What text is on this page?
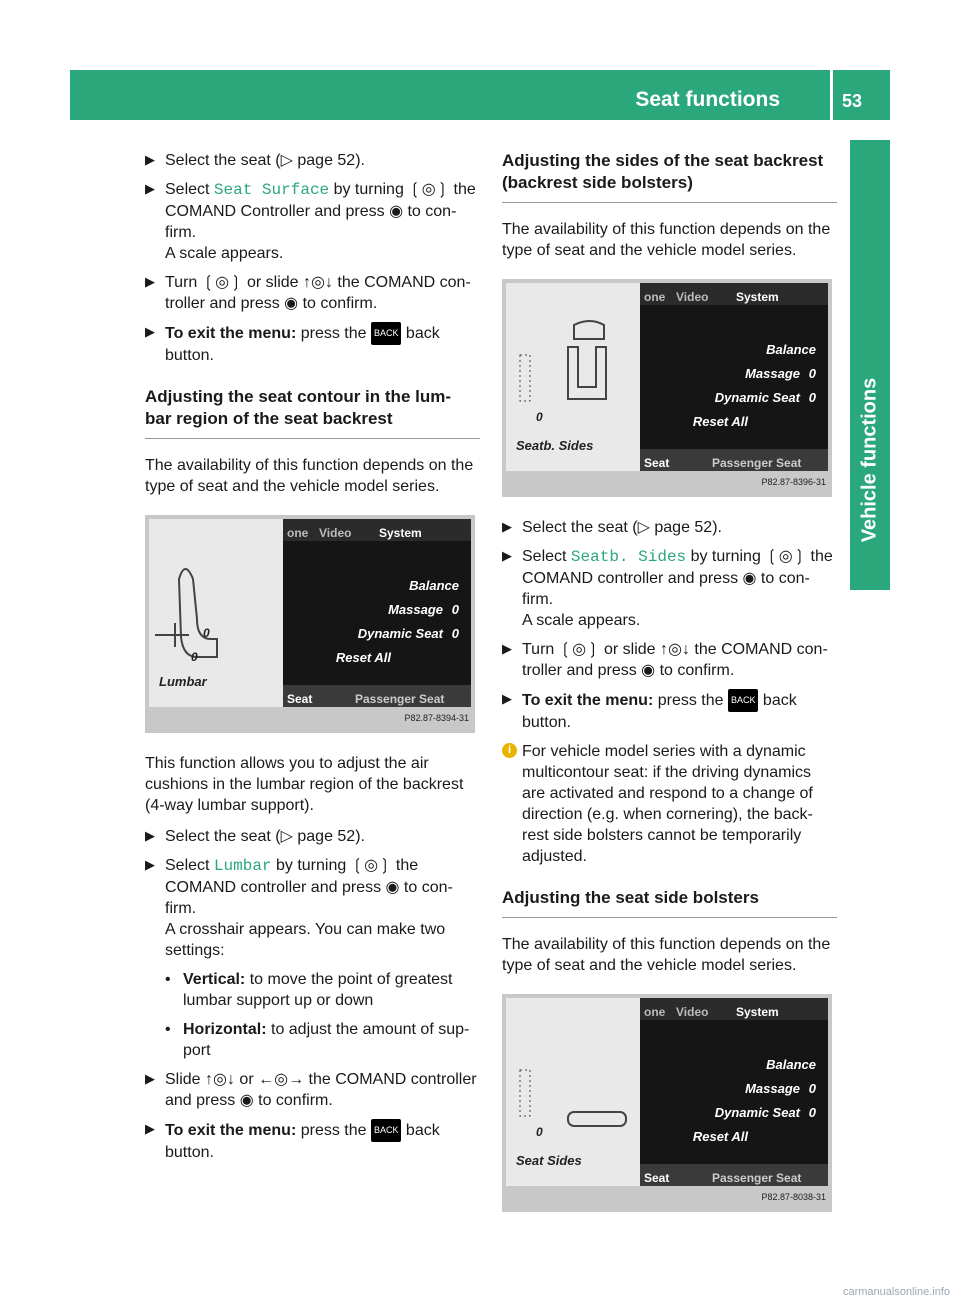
Seat functions	53
Vehicle functions
▶ Select the seat (▷ page 52).
▶ Select Seat Surface by turning ❲◎❳ the COMAND Controller and press ◉ to con- firm.
A scale appears.
▶ Turn ❲◎❳ or slide ↑◎↓ the COMAND con- troller and press ◉ to confirm.
▶ To exit the menu: press the BACK back button.
Adjusting the seat contour in the lum- bar region of the seat backrest

The availability of this function depends on the type of seat and the vehicle model series.

0
0
Lumbar
one Video System
NE
Balance
Massage 0
Dynamic Seat 0
Reset All
Seat	Passenger Seat
P82.87-8394-31

This function allows you to adjust the air cushions in the lumbar region of the backrest (4-way lumbar support).

▶ Select the seat (▷ page 52).
▶ Select Lumbar by turning ❲◎❳ the COMAND controller and press ◉ to con- firm.
A crosshair appears. You can make two settings:
• Vertical: to move the point of greatest lumbar support up or down
• Horizontal: to adjust the amount of sup- port
▶ Slide ↑◎↓ or ←◎→ the COMAND controller and press ◉ to confirm.
▶ To exit the menu: press the BACK back button.
Adjusting the sides of the seat backrest (backrest side bolsters)

The availability of this function depends on the type of seat and the vehicle model series.

0
Seatb. Sides
one Video System
Balance
Massage 0
Dynamic Seat 0
Reset All
Seat	Passenger Seat
P82.87-8396-31
▶ Select the seat (▷ page 52).
▶ Select Seatb. Sides by turning ❲◎❳ the COMAND controller and press ◉ to con- firm.
A scale appears.
▶ Turn ❲◎❳ or slide ↑◎↓ the COMAND con- troller and press ◉ to confirm.
▶ To exit the menu: press the BACK back button.
i For vehicle model series with a dynamic multicontour seat: if the driving dynamics are activated and respond to a change of direction (e.g. when cornering), the back- rest side bolsters cannot be temporarily adjusted.
Adjusting the seat side bolsters

The availability of this function depends on the type of seat and the vehicle model series.

0
Seat Sides
one Video System
Balance
Massage 0
Dynamic Seat 0
Reset All
Seat	Passenger Seat
P82.87-8038-31
carmanualsonline.info
